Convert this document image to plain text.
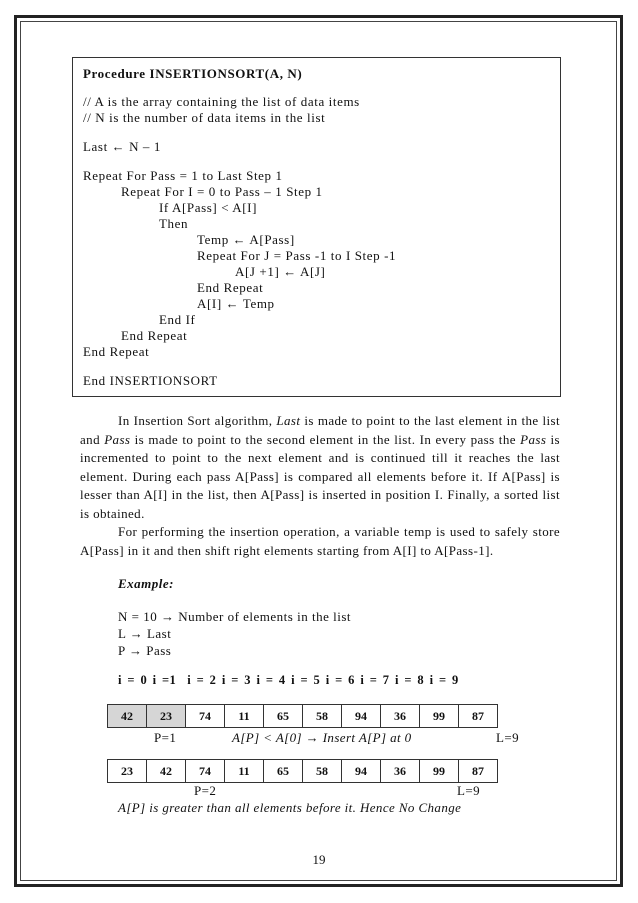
Procedure INSERTIONSORT(A, N)
// A is the array containing the list of data items
// N is the number of data items in the list
Last ← N – 1
Repeat For Pass = 1 to Last Step 1
Repeat For I = 0 to Pass – 1 Step 1
If A[Pass] < A[I]
Then
Temp ← A[Pass]
Repeat For J = Pass -1 to I Step -1
A[J +1] ← A[J]
End Repeat
A[I] ← Temp
End If
End Repeat
End Repeat
End INSERTIONSORT

In Insertion Sort algorithm, Last is made to point to the last element in the list and Pass is made to point to the second element in the list. In every pass the Pass is incremented to point to the next element and is continued till it reaches the last element. During each pass A[Pass] is compared all elements before it. If A[Pass] is lesser than A[I] in the list, then A[Pass] is inserted in position I. Finally, a sorted list is obtained.

For performing the insertion operation, a variable temp is used to safely store A[Pass] in it and then shift right elements starting from A[I] to A[Pass-1].

Example:
N = 10 → Number of elements in the list
L → Last
P → Pass
i = 0 i =1  i = 2 i = 3 i = 4 i = 5 i = 6 i = 7 i = 8 i = 9
42	23	74	11	65	58	94	36	99	87
P=1	A[P] < A[0] → Insert A[P] at 0	L=9
23	42	74	11	65	58	94	36	99	87
P=2	L=9
A[P] is greater than all elements before it. Hence No Change
19
